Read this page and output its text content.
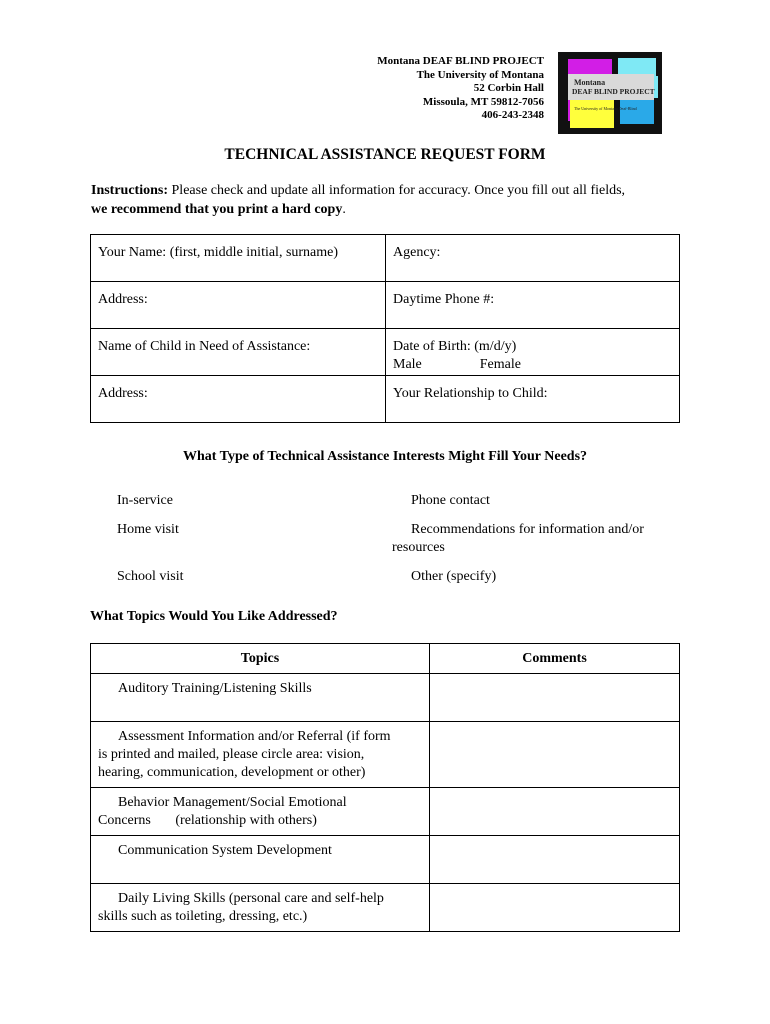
Montana DEAF BLIND PROJECT
The University of Montana
52 Corbin Hall
Missoula, MT 59812-7056
406-243-2348
Montana
DEAF BLIND PROJECT
The University of Montana Deaf-Blind
TECHNICAL ASSISTANCE REQUEST FORM
Instructions: Please check and update all information for accuracy. Once you fill out all fields,
we recommend that you print a hard copy.
Your Name: (first, middle initial, surname)	Agency:
Address:	Daytime Phone #:
Name of Child in Need of Assistance:	Date of Birth: (m/d/y)
Male Female

Address:	Your Relationship to Child:
What Type of Technical Assistance Interests Might Fill Your Needs?
In-service	Phone contact
Home visit	Recommendations for information and/or
resources
School visit	Other (specify)
What Topics Would You Like Addressed?
Topics	Comments

Auditory Training/Listening Skills	

Assessment Information and/or Referral (if form
is printed and mailed, please circle area: vision,
hearing, communication, development or other)	

Behavior Management/Social Emotional
Concerns       (relationship with others)	

Communication System Development	

Daily Living Skills (personal care and self-help
skills such as toileting, dressing, etc.)	
